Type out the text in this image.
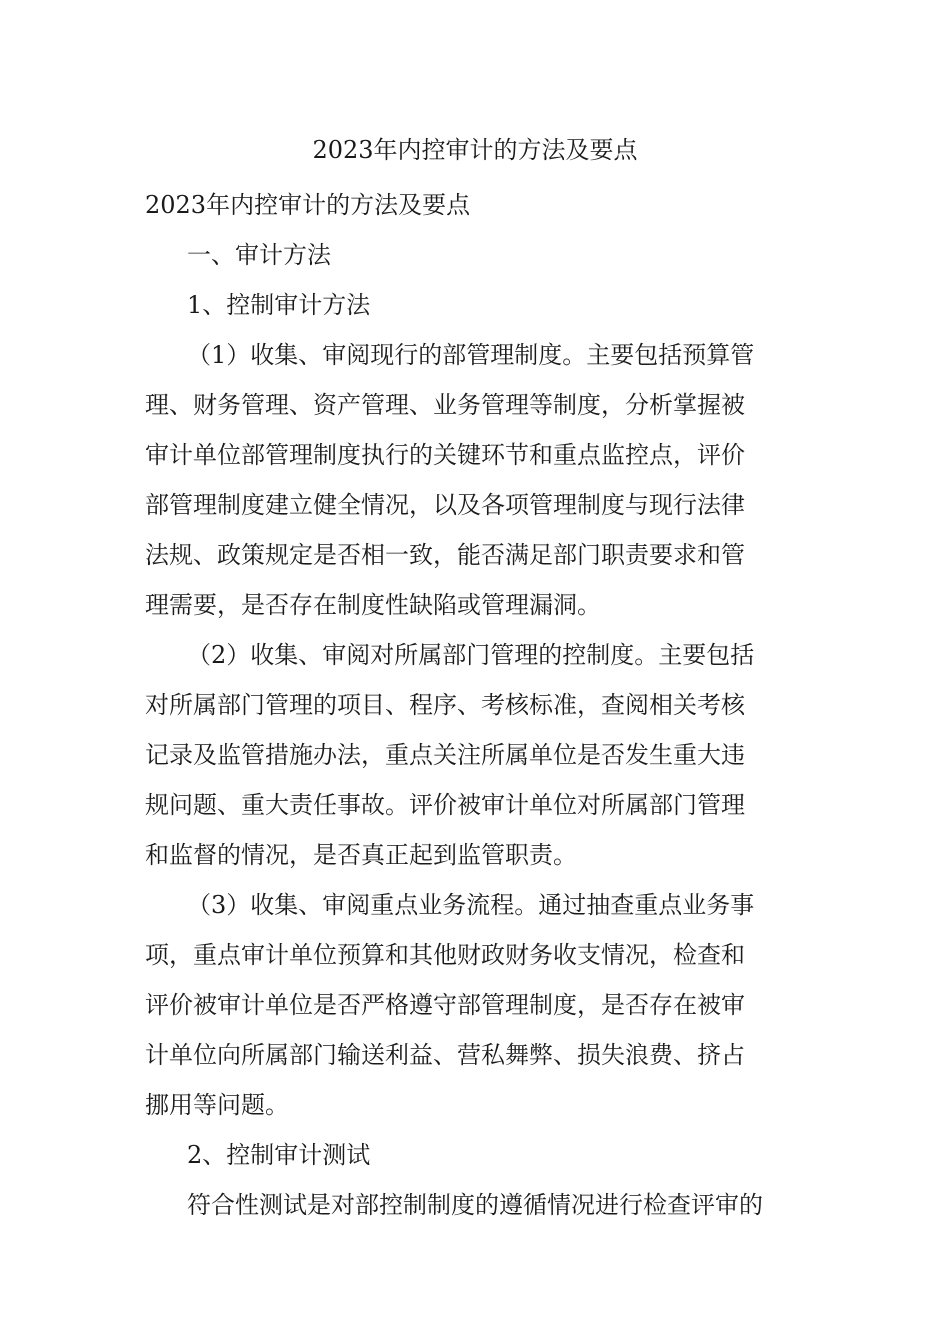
2023年内控审计的方法及要点

2023年内控审计的方法及要点

一、审计方法

1、控制审计方法

（1）收集、审阅现行的部管理制度。主要包括预算管

理、财务管理、资产管理、业务管理等制度，分析掌握被

审计单位部管理制度执行的关键环节和重点监控点，评价

部管理制度建立健全情况，以及各项管理制度与现行法律

法规、政策规定是否相一致，能否满足部门职责要求和管

理需要，是否存在制度性缺陷或管理漏洞。

（2）收集、审阅对所属部门管理的控制度。主要包括

对所属部门管理的项目、程序、考核标准，查阅相关考核

记录及监管措施办法，重点关注所属单位是否发生重大违

规问题、重大责任事故。评价被审计单位对所属部门管理

和监督的情况，是否真正起到监管职责。

（3）收集、审阅重点业务流程。通过抽查重点业务事

项，重点审计单位预算和其他财政财务收支情况，检查和

评价被审计单位是否严格遵守部管理制度，是否存在被审

计单位向所属部门输送利益、营私舞弊、损失浪费、挤占

挪用等问题。

2、控制审计测试

符合性测试是对部控制制度的遵循情况进行检查评审的
